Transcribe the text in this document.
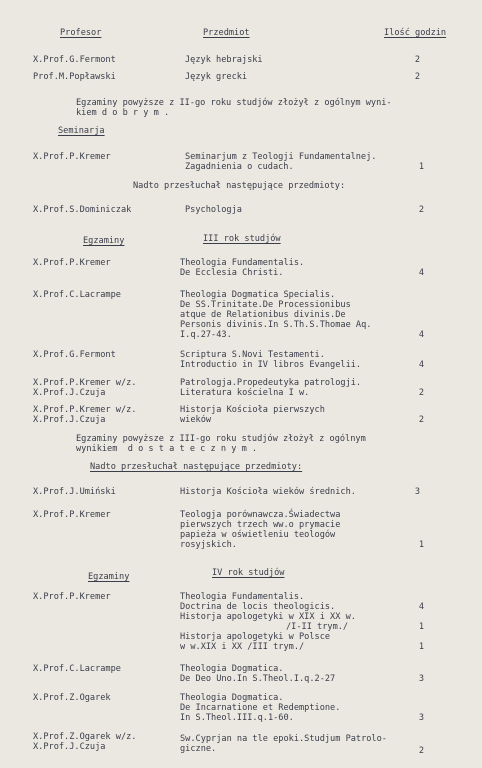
Profesor	Przedmiot	Ilość godzin
X.Prof.G.Fermont	Język hebrajski	2
Prof.M.Popławski	Język grecki	2
Egzaminy powyższe z II-go roku studjów złożył z ogólnym wyni-
kiem d o b r y m .
Seminarja
X.Prof.P.Kremer	Seminarjum z Teologji Fundamentalnej.
Zagadnienia o cudach.	1
Nadto przesłuchał następujące przedmioty:
X.Prof.S.Dominiczak	Psychologja	2
Egzaminy	III rok studjów
X.Prof.P.Kremer	Theologia Fundamentalis.
De Ecclesia Christi.	4
X.Prof.C.Lacrampe	Theologia Dogmatica Specialis.
De SS.Trinitate.De Processionibus
atque de Relationibus divinis.De
Personis divinis.In S.Th.S.Thomae Aq.
I.q.27-43.	4
X.Prof.G.Fermont	Scriptura S.Novi Testamenti.
Introductio in IV libros Evangelii.	4
X.Prof.P.Kremer w/z.
X.Prof.J.Czuja
Patrologja.Propedeutyka patrologji.
Literatura kościelna I w.	2
X.Prof.P.Kremer w/z.
X.Prof.J.Czuja
Historja Kościoła pierwszych
wieków	2
Egzaminy powyższe z III-go roku studjów złożył z ogólnym
wynikiem  d o s t a t e c z n y m .
Nadto przesłuchał następujące przedmioty:
X.Prof.J.Umiński	Historja Kościoła wieków średnich.	3
X.Prof.P.Kremer	Teologja porównawcza.Świadectwa
pierwszych trzech ww.o prymacie
papieża w oświetleniu teologów
rosyjskich.	1
Egzaminy	IV rok studjów
X.Prof.P.Kremer	Theologia Fundamentalis.
Doctrina de locis theologicis.	4
Historja apologetyki w XIX i XX w.
/I-II trym./	1
Historja apologetyki w Polsce
w w.XIX i XX /III trym./	1
X.Prof.C.Lacrampe	Theologia Dogmatica.
De Deo Uno.In S.Theol.I.q.2-27	3
X.Prof.Z.Ogarek	Theologia Dogmatica.
De Incarnatione et Redemptione.
In S.Theol.III.q.1-60.	3
X.Prof.Z.Ogarek w/z.
X.Prof.J.Czuja
Sw.Cyprjan na tle epoki.Studjum Patrolo-
giczne.	2
